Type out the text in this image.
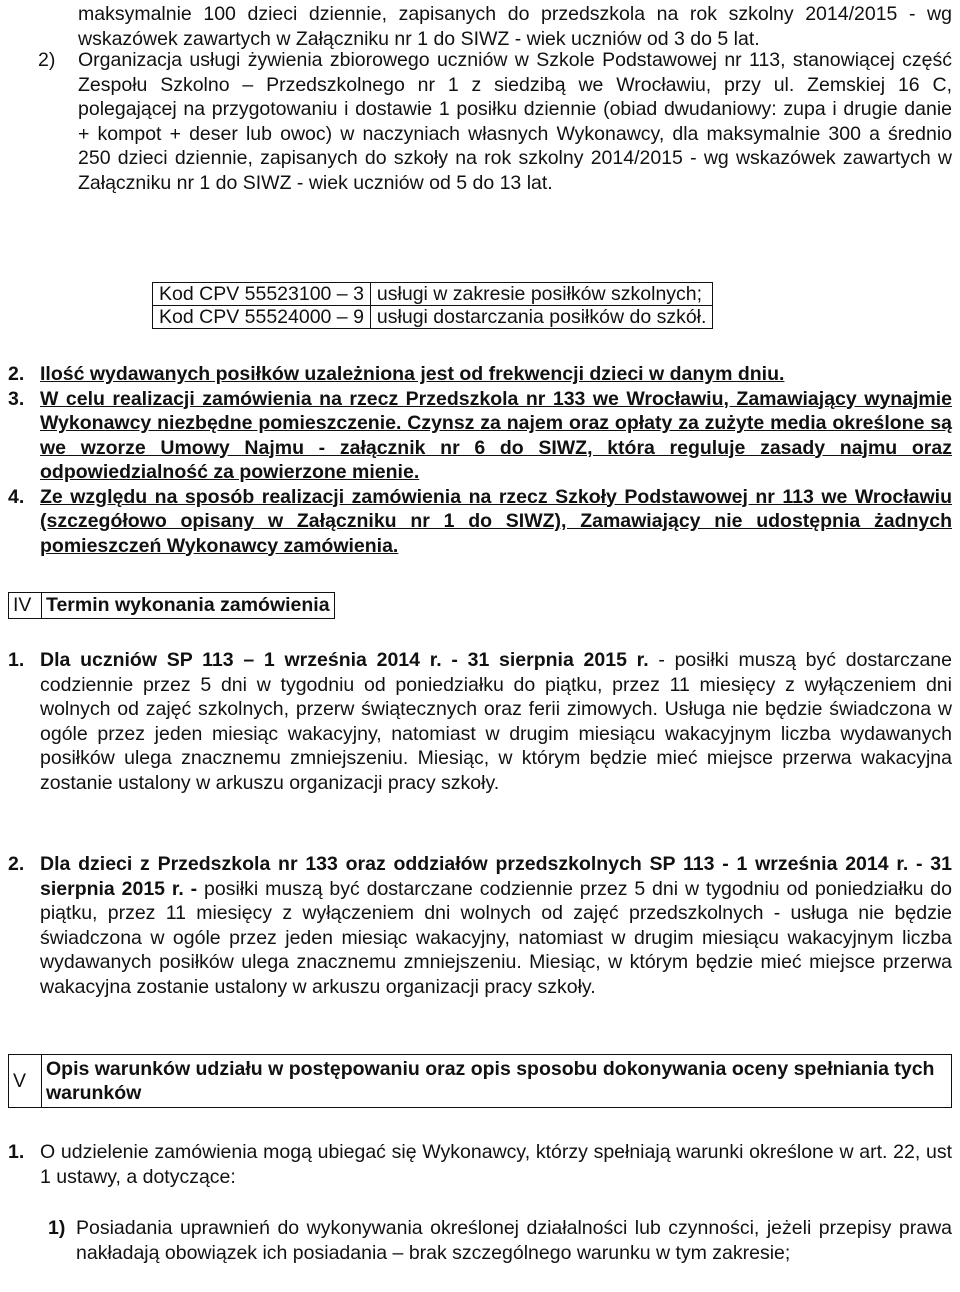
maksymalnie 100 dzieci dziennie, zapisanych do przedszkola na rok szkolny 2014/2015 - wg wskazówek zawartych w Załączniku nr 1 do SIWZ - wiek uczniów od 3 do 5 lat.

2) Organizacja usługi żywienia zbiorowego uczniów w Szkole Podstawowej nr 113, stanowiącej część Zespołu Szkolno – Przedszkolnego nr 1 z siedzibą we Wrocławiu, przy ul. Zemskiej 16 C, polegającej na przygotowaniu i dostawie 1 posiłku dziennie (obiad dwudaniowy: zupa i drugie danie + kompot + deser lub owoc) w naczyniach własnych Wykonawcy, dla maksymalnie 300 a średnio 250 dzieci dziennie, zapisanych do szkoły na rok szkolny 2014/2015 - wg wskazówek zawartych w Załączniku nr 1 do SIWZ - wiek uczniów od 5 do 13 lat.

Kod CPV 55523100 – 3	usługi w zakresie posiłków szkolnych;
Kod CPV 55524000 – 9	usługi dostarczania posiłków do szkół.
2. Ilość wydawanych posiłków uzależniona jest od frekwencji dzieci w danym dniu.
3. W celu realizacji zamówienia na rzecz Przedszkola nr 133 we Wrocławiu, Zamawiający wynajmie Wykonawcy niezbędne pomieszczenie. Czynsz za najem oraz opłaty za zużyte media określone są we wzorze Umowy Najmu - załącznik nr 6 do SIWZ, która reguluje zasady najmu oraz odpowiedzialność za powierzone mienie.
4. Ze względu na sposób realizacji zamówienia na rzecz Szkoły Podstawowej nr 113 we Wrocławiu (szczegółowo opisany w Załączniku nr 1 do SIWZ), Zamawiający nie udostępnia żadnych pomieszczeń Wykonawcy zamówienia.
IV	Termin wykonania zamówienia
1. Dla uczniów SP 113 – 1 września 2014 r. - 31 sierpnia 2015 r. - posiłki muszą być dostarczane codziennie przez 5 dni w tygodniu od poniedziałku do piątku, przez 11 miesięcy z wyłączeniem dni wolnych od zajęć szkolnych, przerw świątecznych oraz ferii zimowych. Usługa nie będzie świadczona w ogóle przez jeden miesiąc wakacyjny, natomiast w drugim miesiącu wakacyjnym liczba wydawanych posiłków ulega znacznemu zmniejszeniu. Miesiąc, w którym będzie mieć miejsce przerwa wakacyjna zostanie ustalony w arkuszu organizacji pracy szkoły.
2. Dla dzieci z Przedszkola nr 133 oraz oddziałów przedszkolnych SP 113 - 1 września 2014 r. - 31 sierpnia 2015 r. - posiłki muszą być dostarczane codziennie przez 5 dni w tygodniu od poniedziałku do piątku, przez 11 miesięcy z wyłączeniem dni wolnych od zajęć przedszkolnych - usługa nie będzie świadczona w ogóle przez jeden miesiąc wakacyjny, natomiast w drugim miesiącu wakacyjnym liczba wydawanych posiłków ulega znacznemu zmniejszeniu. Miesiąc, w którym będzie mieć miejsce przerwa wakacyjna zostanie ustalony w arkuszu organizacji pracy szkoły.
V	Opis warunków udziału w postępowaniu oraz opis sposobu dokonywania oceny spełniania tych warunków
1. O udzielenie zamówienia mogą ubiegać się Wykonawcy, którzy spełniają warunki określone w art. 22, ust 1 ustawy, a dotyczące:
1) Posiadania uprawnień do wykonywania określonej działalności lub czynności, jeżeli przepisy prawa nakładają obowiązek ich posiadania – brak szczególnego warunku w tym zakresie;
